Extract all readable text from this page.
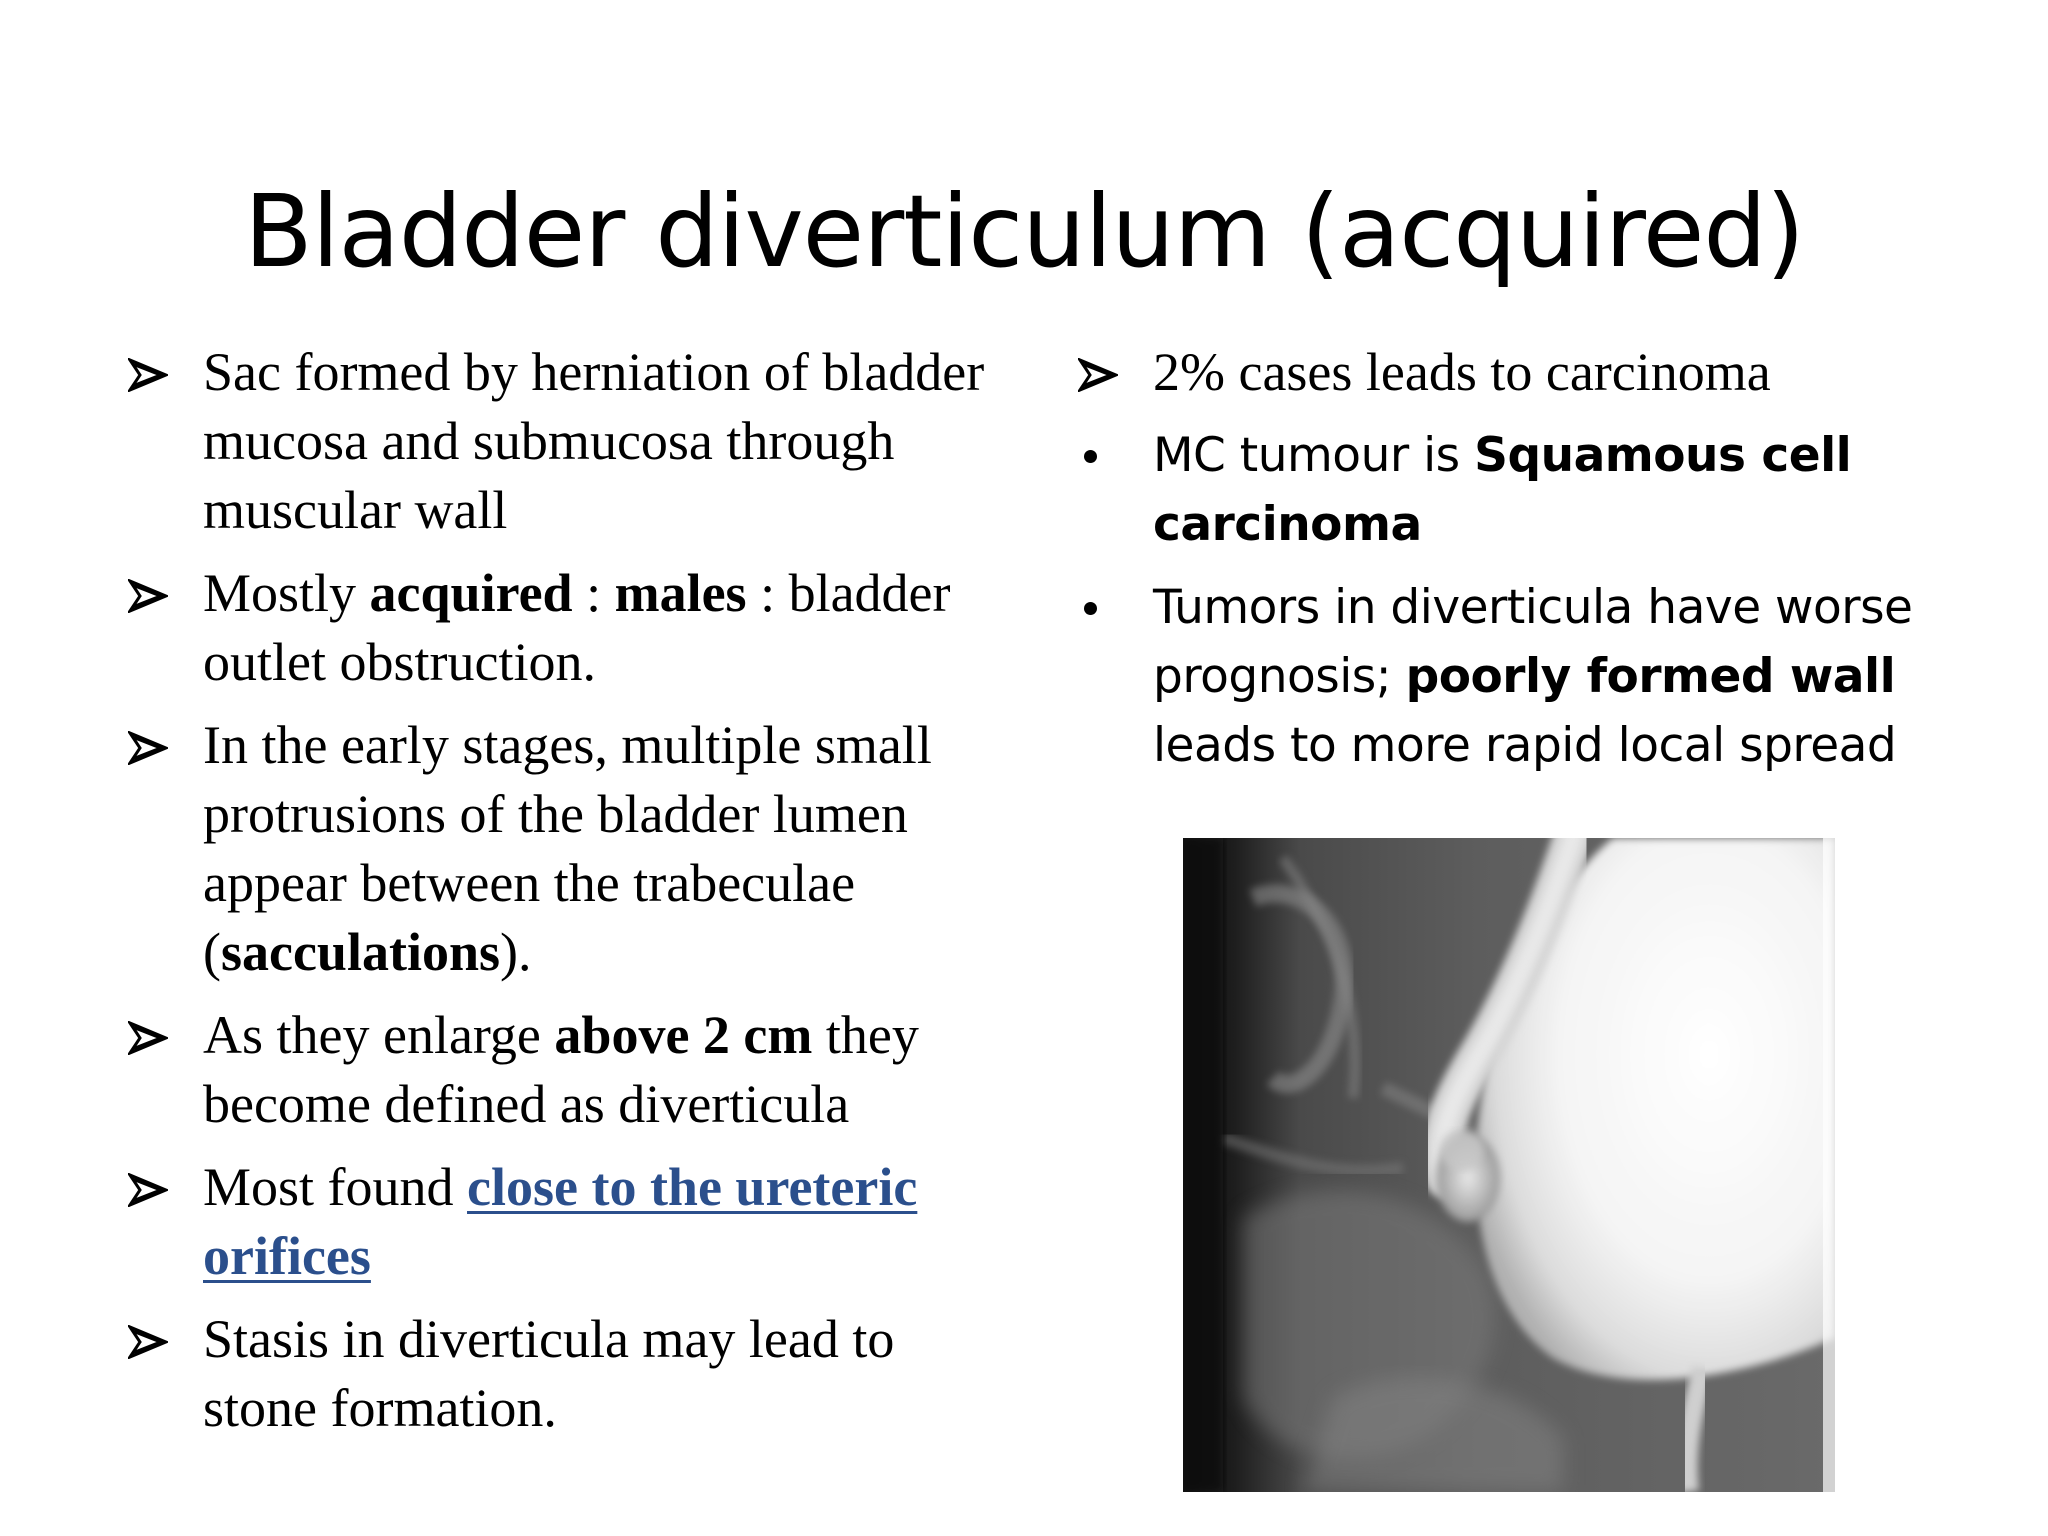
Bladder diverticulum (acquired)
Sac formed by herniation of bladder mucosa and submucosa through muscular wall
Mostly acquired : males : bladder outlet obstruction.
In the early stages, multiple small protrusions of the bladder lumen appear between the trabeculae (sacculations).
As they enlarge above 2 cm they become defined as diverticula
Most found close to the ureteric orifices
Stasis in diverticula may lead to stone formation.
2% cases leads to carcinoma
MC tumour is Squamous cell carcinoma
Tumors in diverticula have worse prognosis; poorly formed wall leads to more rapid local spread
